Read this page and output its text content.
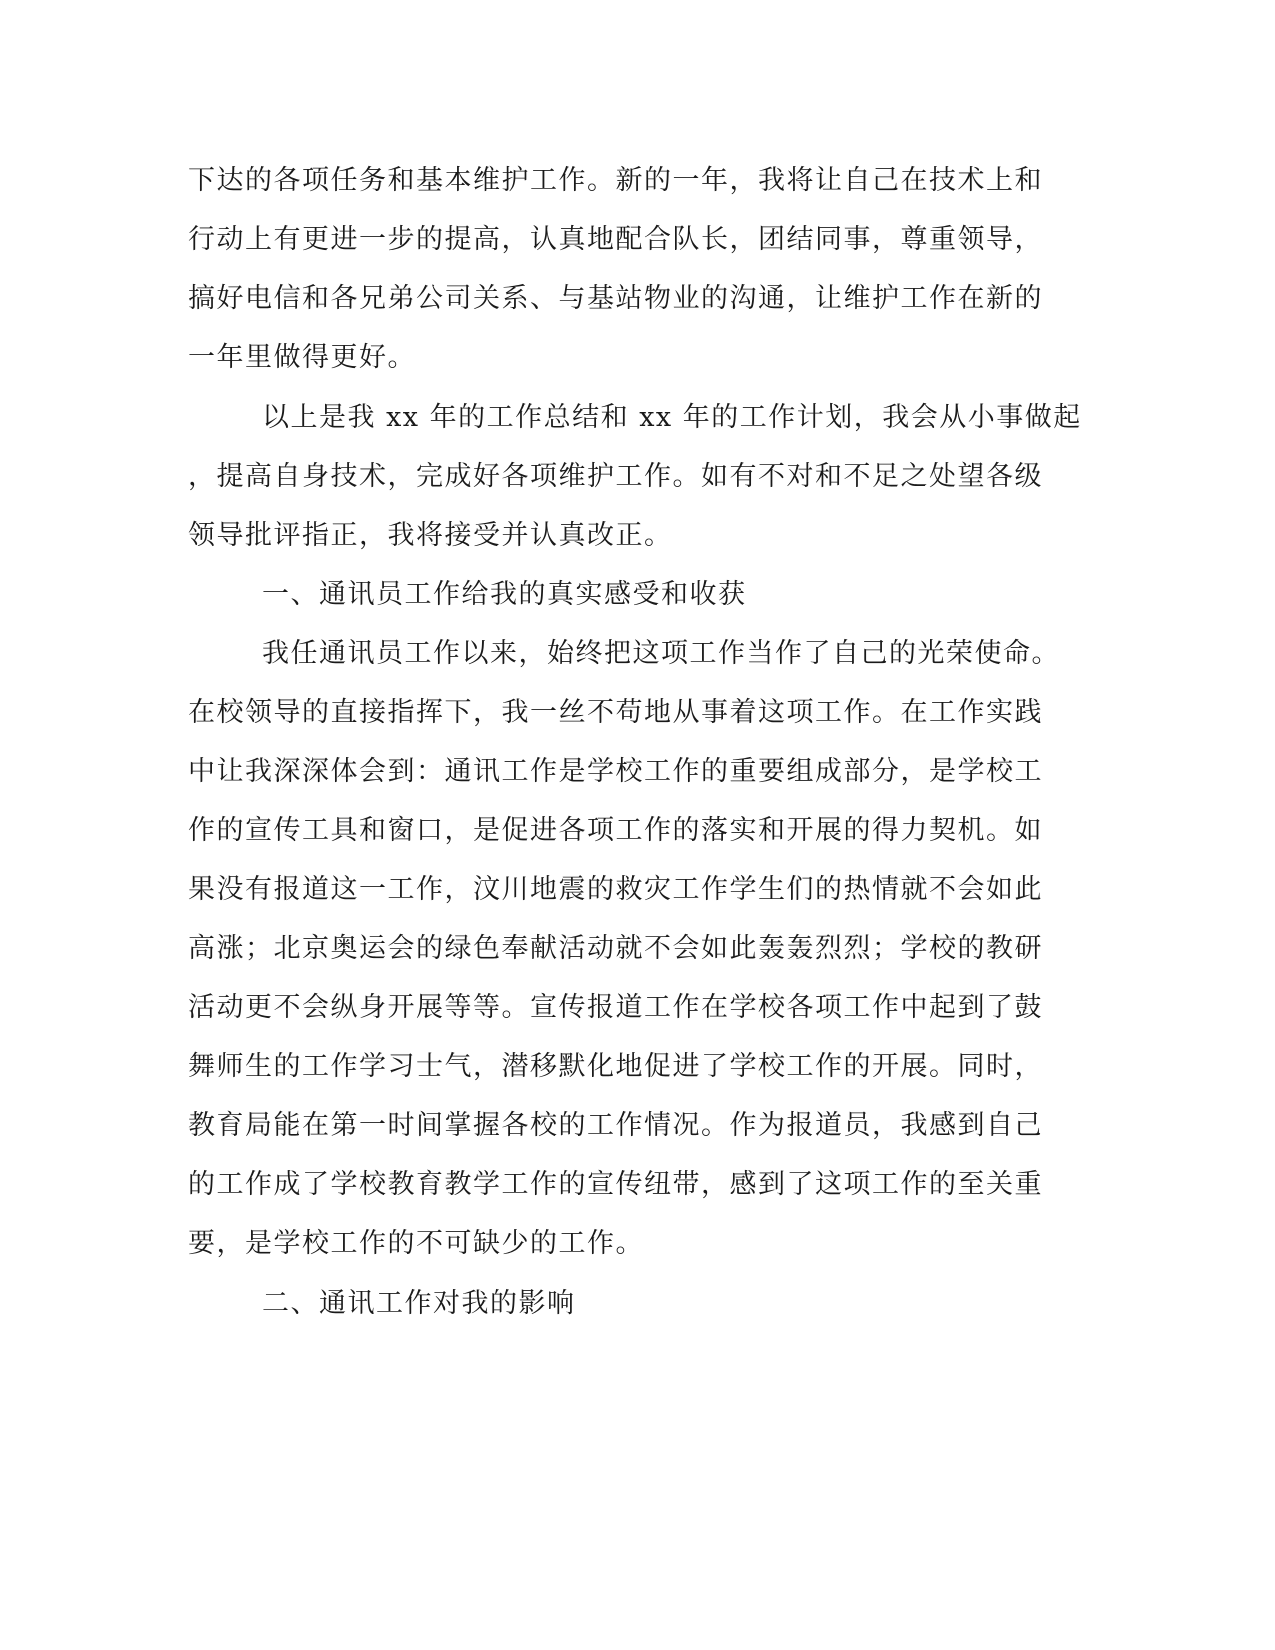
下达的各项任务和基本维护工作。新的一年，我将让自己在技术上和
行动上有更进一步的提高，认真地配合队长，团结同事，尊重领导，
搞好电信和各兄弟公司关系、与基站物业的沟通，让维护工作在新的
一年里做得更好。
以上是我 xx 年的工作总结和 xx 年的工作计划，我会从小事做起
，提高自身技术，完成好各项维护工作。如有不对和不足之处望各级
领导批评指正，我将接受并认真改正。
一、通讯员工作给我的真实感受和收获
我任通讯员工作以来，始终把这项工作当作了自己的光荣使命。
在校领导的直接指挥下，我一丝不苟地从事着这项工作。在工作实践
中让我深深体会到：通讯工作是学校工作的重要组成部分，是学校工
作的宣传工具和窗口，是促进各项工作的落实和开展的得力契机。如
果没有报道这一工作，汶川地震的救灾工作学生们的热情就不会如此
高涨；北京奥运会的绿色奉献活动就不会如此轰轰烈烈；学校的教研
活动更不会纵身开展等等。宣传报道工作在学校各项工作中起到了鼓
舞师生的工作学习士气，潜移默化地促进了学校工作的开展。同时，
教育局能在第一时间掌握各校的工作情况。作为报道员，我感到自己
的工作成了学校教育教学工作的宣传纽带，感到了这项工作的至关重
要，是学校工作的不可缺少的工作。
二、通讯工作对我的影响
